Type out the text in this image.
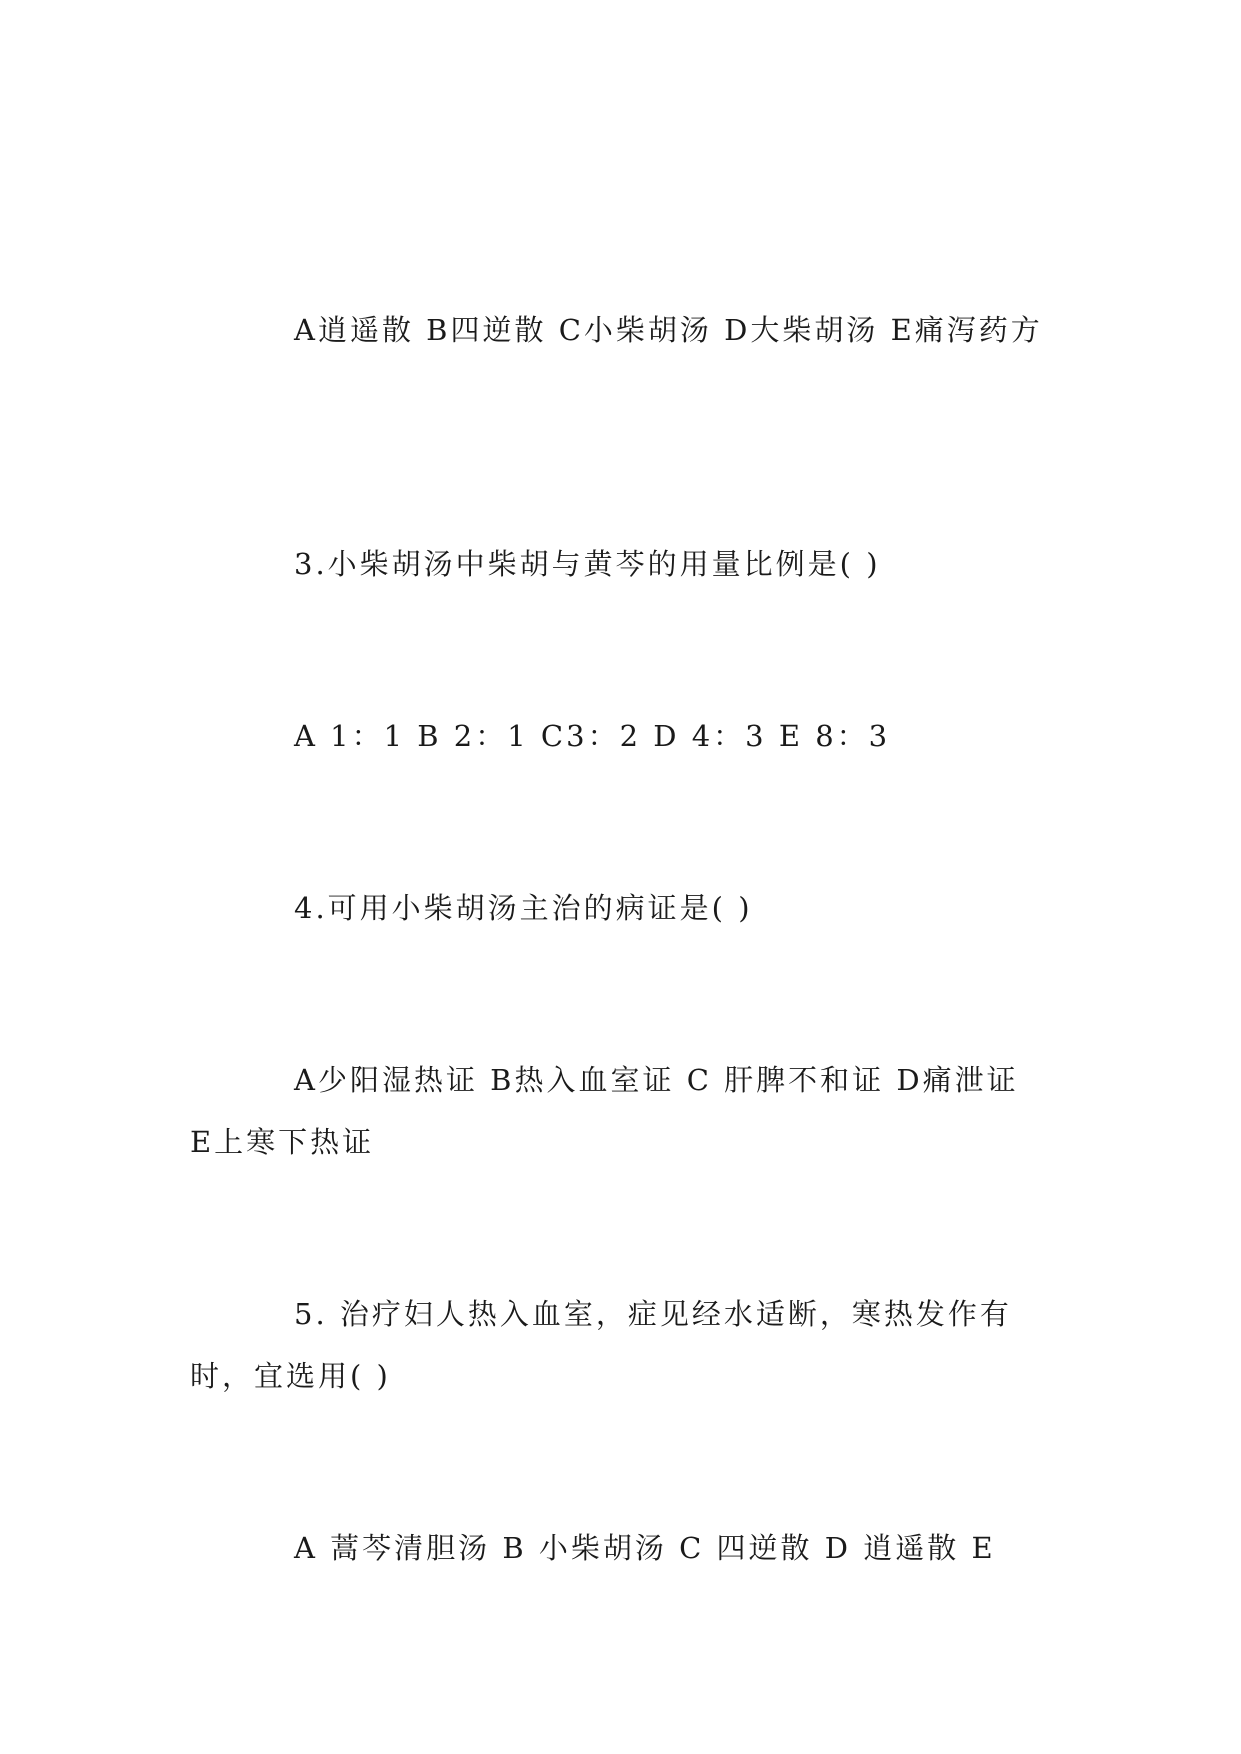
A逍遥散 B四逆散 C小柴胡汤 D大柴胡汤 E痛泻药方

3.小柴胡汤中柴胡与黄芩的用量比例是( )

A 1：1 B 2：1 C3：2 D 4：3 E 8：3

4.可用小柴胡汤主治的病证是( )

A少阳湿热证 B热入血室证 C 肝脾不和证 D痛泄证 E上寒下热证

5. 治疗妇人热入血室，症见经水适断，寒热发作有时，宜选用( )

A 蒿芩清胆汤 B 小柴胡汤 C 四逆散 D 逍遥散 E
